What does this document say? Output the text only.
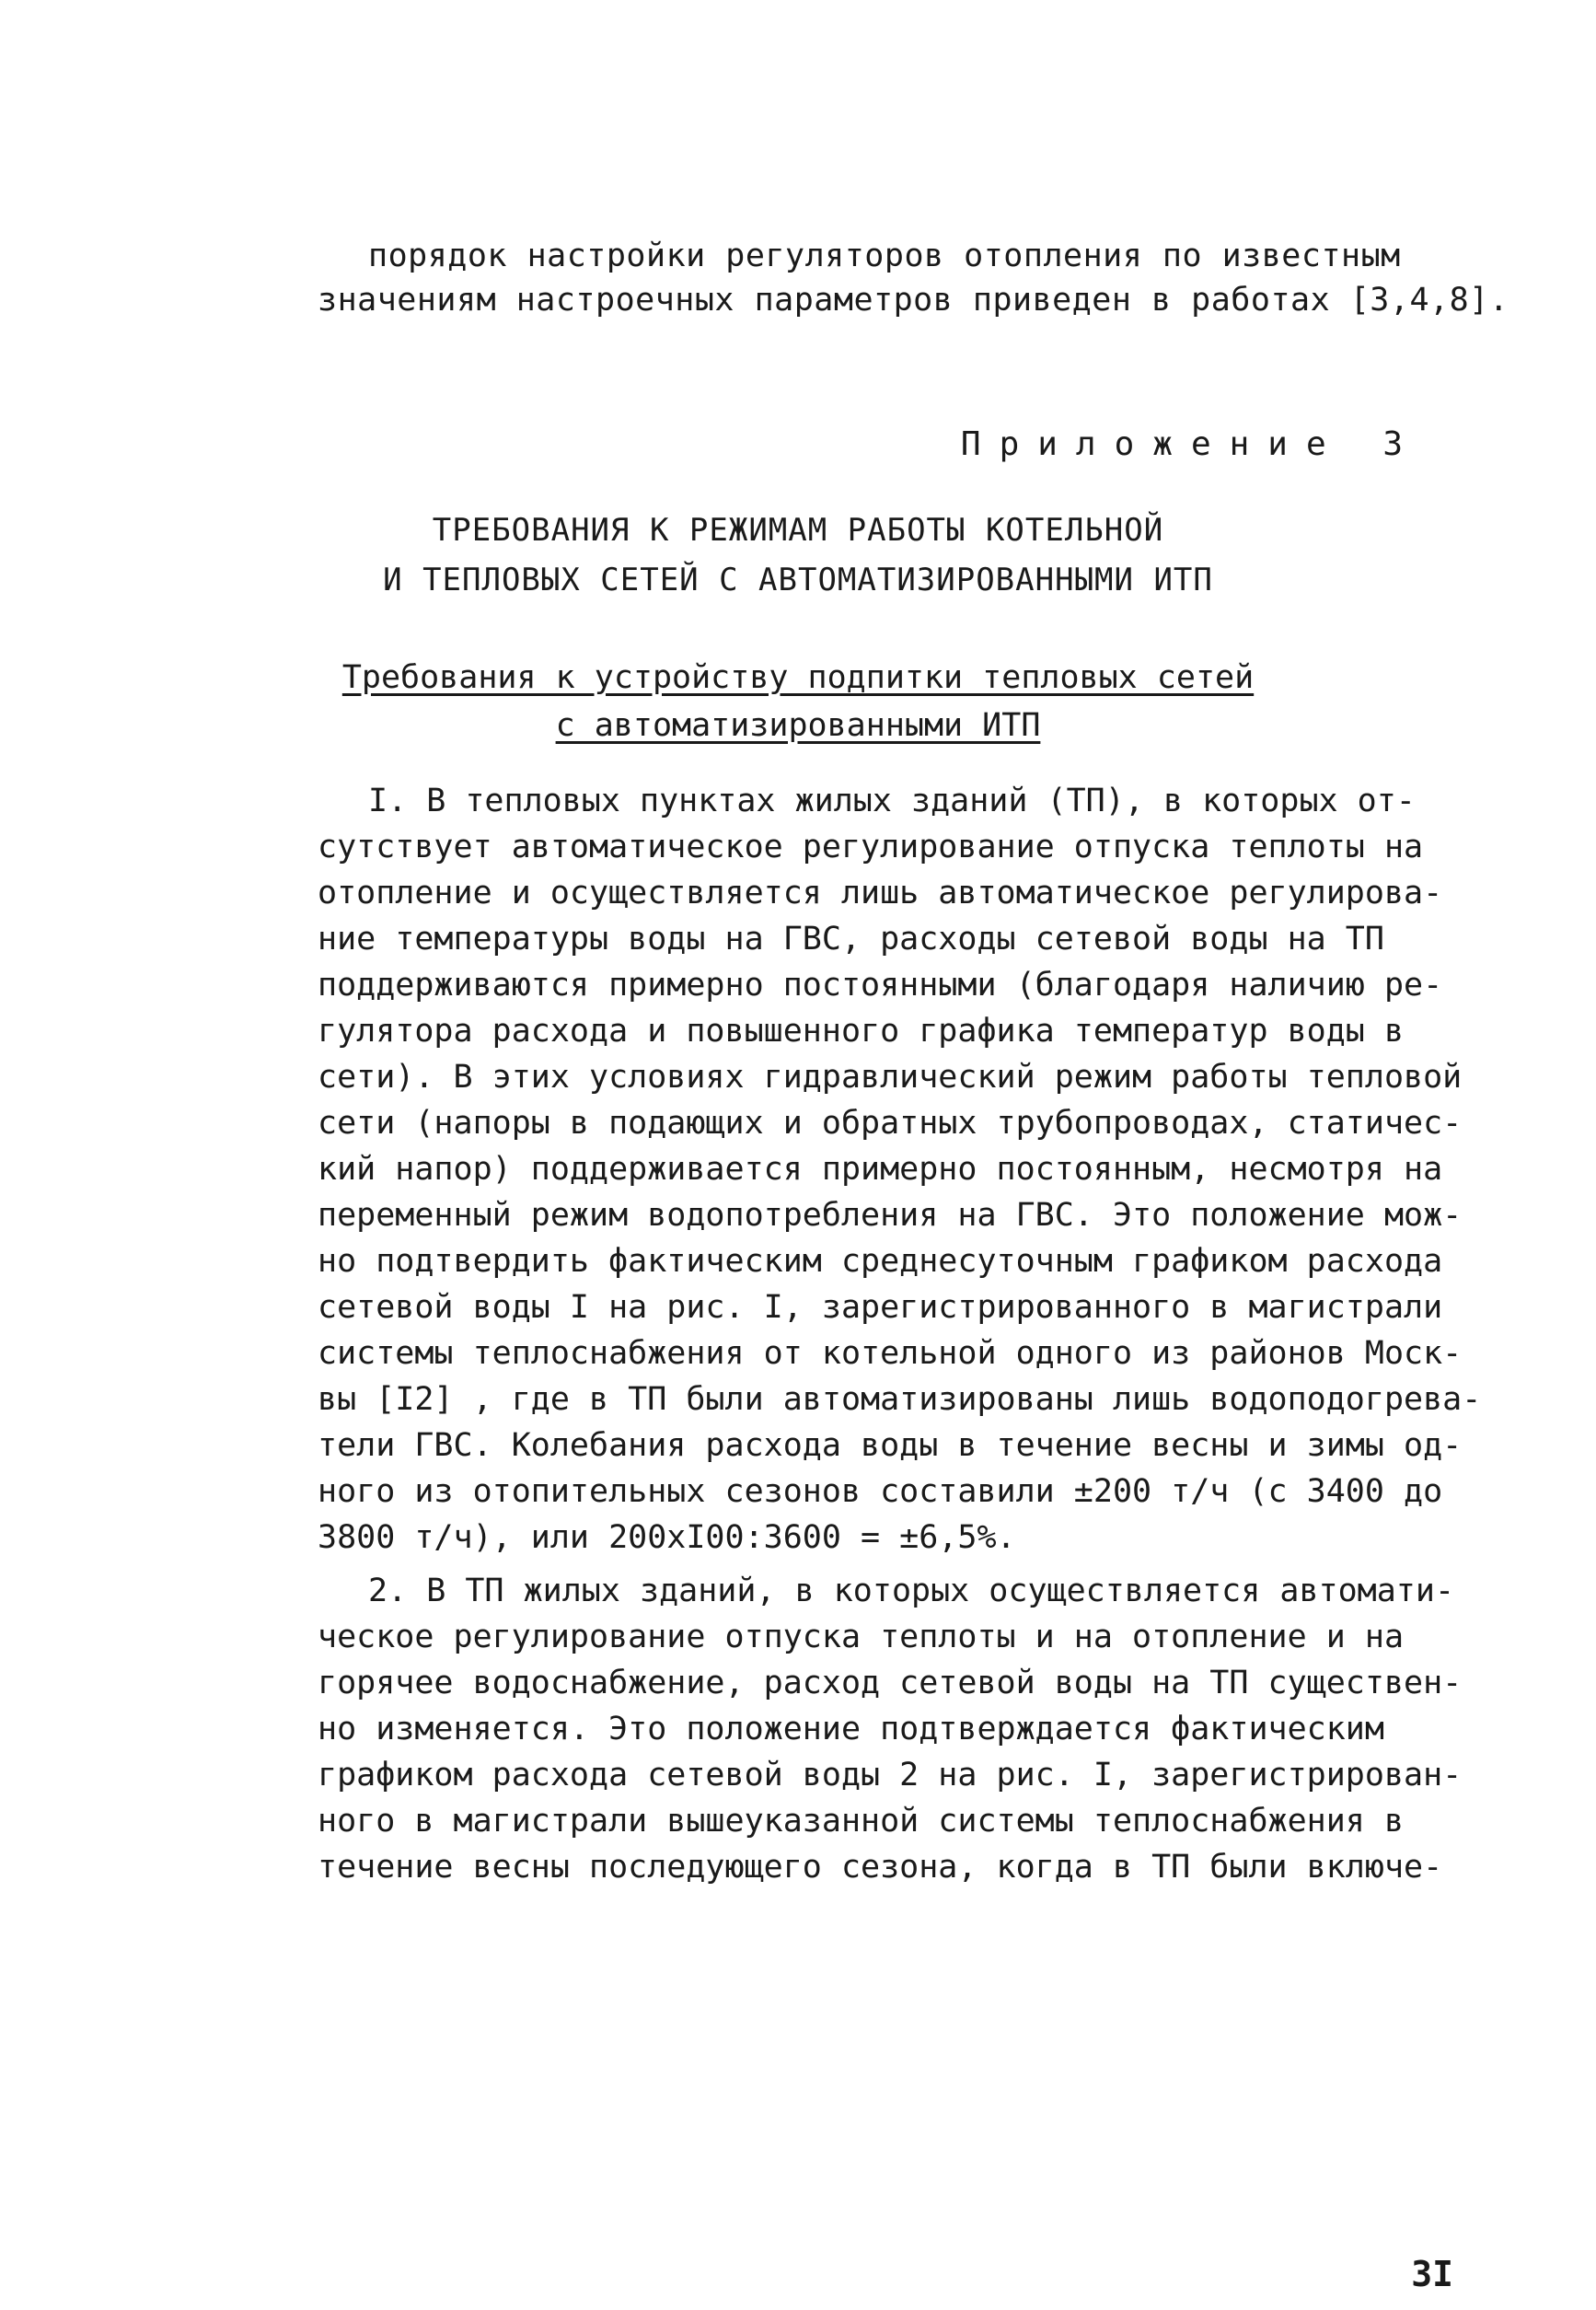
порядок настройки регуляторов отопления по известным
значениям настроечных параметров приведен в работах [3,4,8].
Приложение 3
ТРЕБОВАНИЯ К РЕЖИМАМ РАБОТЫ КОТЕЛЬНОЙ
И ТЕПЛОВЫХ СЕТЕЙ С АВТОМАТИЗИРОВАННЫМИ ИТП
Требования к устройству подпитки тепловых сетей
с автоматизированными ИТП
I. В тепловых пунктах жилых зданий (ТП), в которых от-
сутствует автоматическое регулирование отпуска теплоты на
отопление и осуществляется лишь автоматическое регулирова-
ние температуры воды на ГВС, расходы сетевой воды на ТП
поддерживаются примерно постоянными (благодаря наличию ре-
гулятора расхода и повышенного графика температур воды в
сети). В этих условиях гидравлический режим работы тепловой
сети (напоры в подающих и обратных трубопроводах, статичес-
кий напор) поддерживается примерно постоянным, несмотря на
переменный режим водопотребления на ГВС. Это положение мож-
но подтвердить фактическим среднесуточным графиком расхода
сетевой воды I на рис. I, зарегистрированного в магистрали
системы теплоснабжения от котельной одного из районов Моск-
вы [I2] , где в ТП были автоматизированы лишь водоподогрева-
тели ГВС. Колебания расхода воды в течение весны и зимы од-
ного из отопительных сезонов составили ±200 т/ч (с 3400 до
3800 т/ч), или 200xI00:3600 = ±6,5%.
2. В ТП жилых зданий, в которых осуществляется автомати-
ческое регулирование отпуска теплоты и на отопление и на
горячее водоснабжение, расход сетевой воды на ТП существен-
но изменяется. Это положение подтверждается фактическим
графиком расхода сетевой воды 2 на рис. I, зарегистрирован-
ного в магистрали вышеуказанной системы теплоснабжения в
течение весны последующего сезона, когда в ТП были включе-
3I
